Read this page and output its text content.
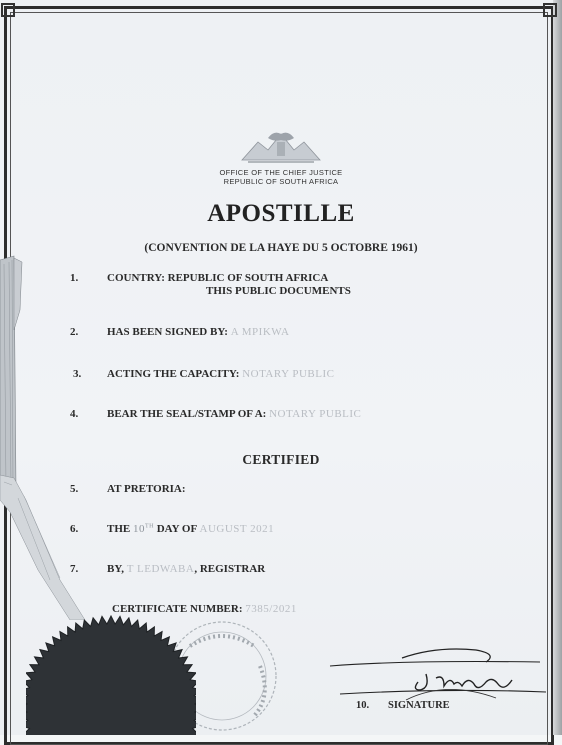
OFFICE OF THE CHIEF JUSTICE
REPUBLIC OF SOUTH AFRICA
APOSTILLE
(CONVENTION DE LA HAYE DU 5 OCTOBRE 1961)
1.	COUNTRY: REPUBLIC OF SOUTH AFRICA
THIS PUBLIC DOCUMENTS
2.	HAS BEEN SIGNED BY: A MPIKWA
3. ACTING THE CAPACITY: NOTARY PUBLIC
4.	BEAR THE SEAL/STAMP OF A: NOTARY PUBLIC
CERTIFIED
5.	AT PRETORIA:
6.	THE 10TH DAY OF AUGUST 2021
7.	BY, T LEDWABA, REGISTRAR
CERTIFICATE NUMBER: 7385/2021
10. SIGNATURE
